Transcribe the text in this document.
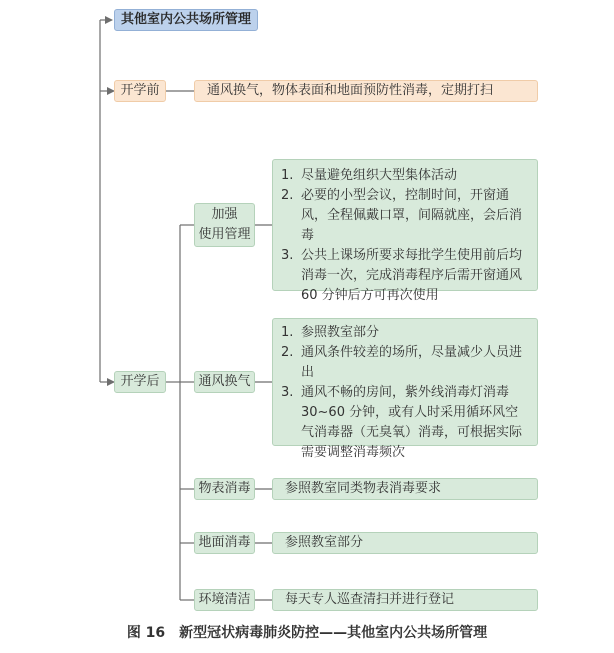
其他室内公共场所管理
开学前	通风换气，物体表面和地面预防性消毒，定期打扫
开学后
加强
使用管理
1. 尽量避免组织大型集体活动
2. 必要的小型会议，控制时间，开窗通风，全程佩戴口罩，间隔就座，会后消毒
3. 公共上课场所要求每批学生使用前后均消毒一次，完成消毒程序后需开窗通风 60 分钟后方可再次使用
通风换气
1. 参照教室部分
2. 通风条件较差的场所，尽量减少人员进出
3. 通风不畅的房间，紫外线消毒灯消毒30~60 分钟，或有人时采用循环风空气消毒器（无臭氧）消毒，可根据实际需要调整消毒频次
物表消毒	参照教室同类物表消毒要求
地面消毒	参照教室部分
环境清洁	每天专人巡查清扫并进行登记
图 16 新型冠状病毒肺炎防控——其他室内公共场所管理
